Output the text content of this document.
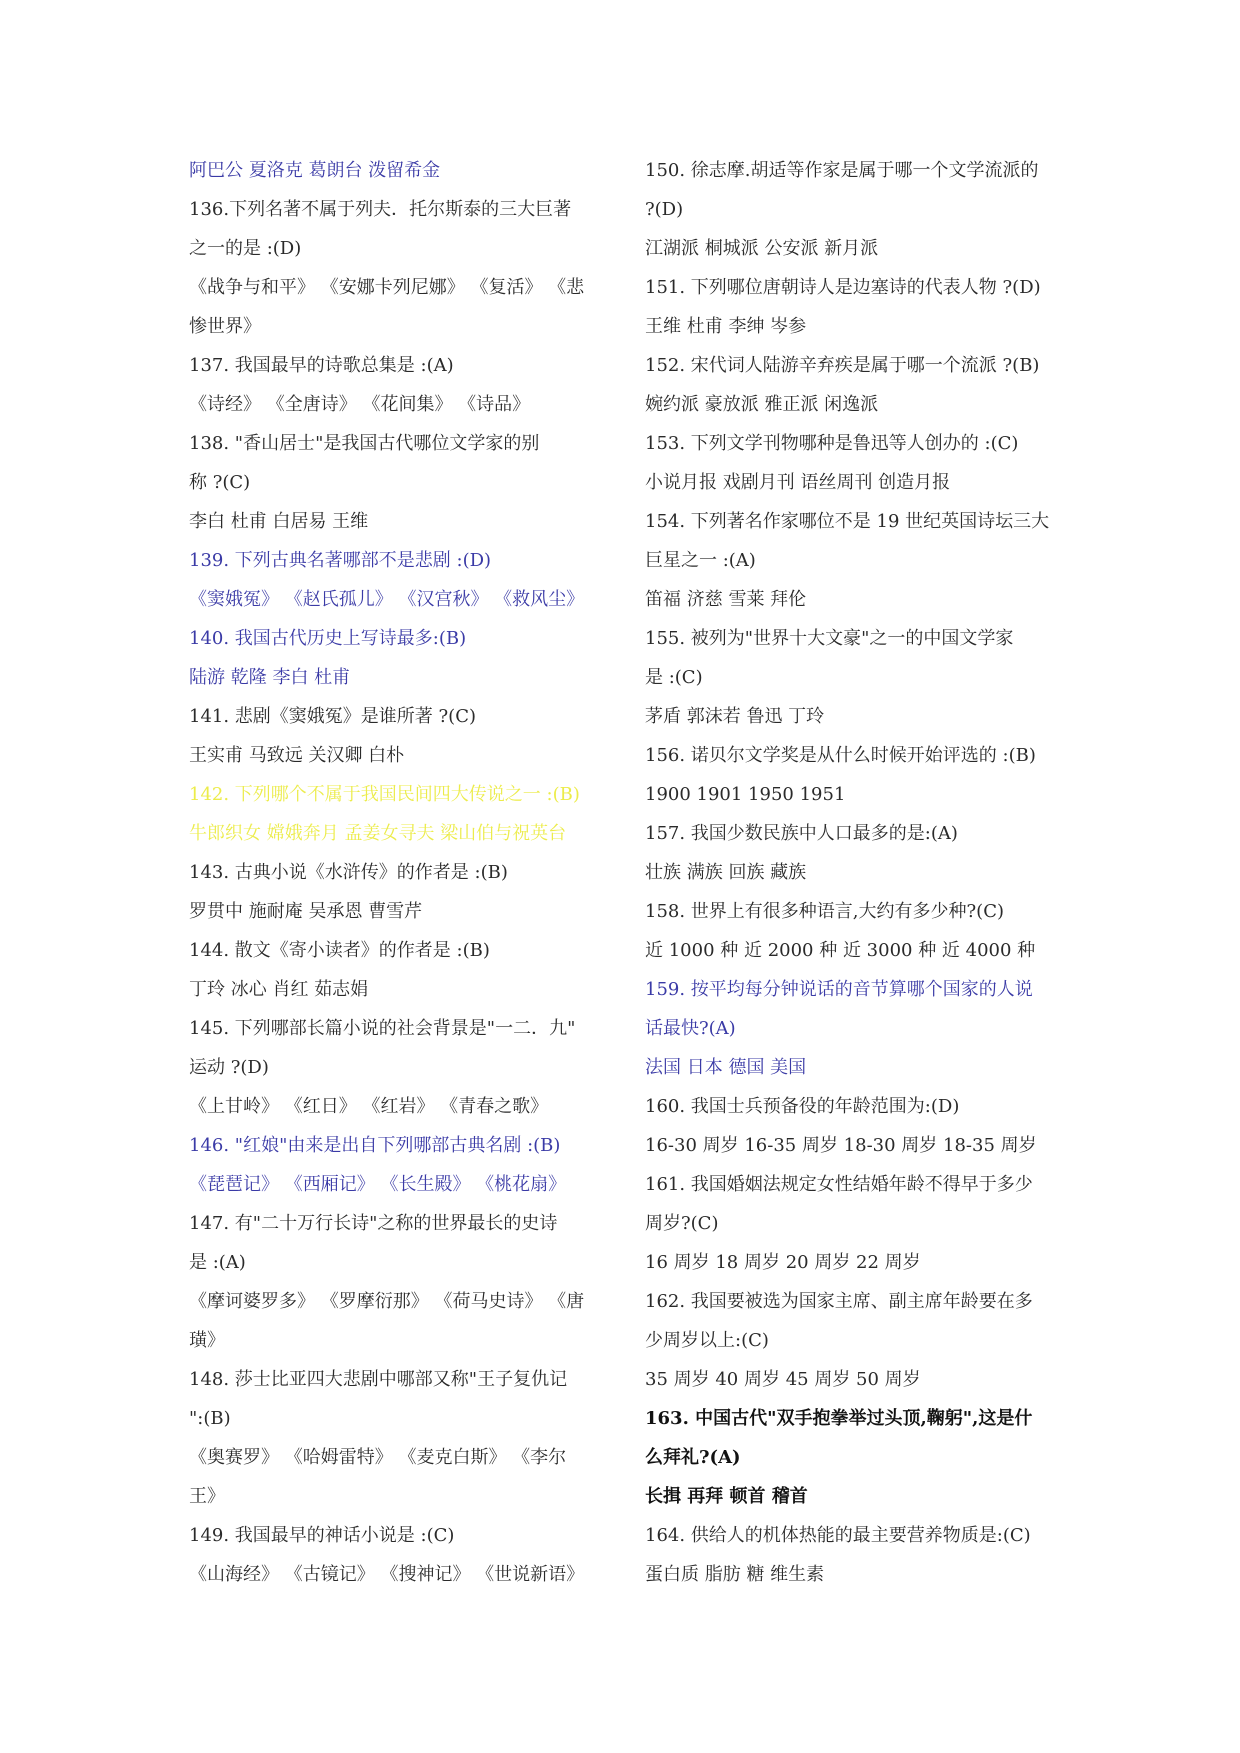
阿巴公 夏洛克 葛朗台 泼留希金
136.下列名著不属于列夫．托尔斯泰的三大巨著
之一的是 :(D)
《战争与和平》 《安娜卡列尼娜》 《复活》 《悲
惨世界》
137. 我国最早的诗歌总集是 :(A)
《诗经》 《全唐诗》 《花间集》 《诗品》
138. "香山居士"是我国古代哪位文学家的别
称 ?(C)
李白 杜甫 白居易 王维
139. 下列古典名著哪部不是悲剧 :(D)
《窦娥冤》 《赵氏孤儿》 《汉宫秋》 《救风尘》
140. 我国古代历史上写诗最多:(B)
陆游 乾隆 李白 杜甫
141. 悲剧《窦娥冤》是谁所著 ?(C)
王实甫 马致远 关汉卿 白朴
142. 下列哪个不属于我国民间四大传说之一 :(B)
牛郎织女 嫦娥奔月 孟姜女寻夫 梁山伯与祝英台
143. 古典小说《水浒传》的作者是 :(B)
罗贯中 施耐庵 吴承恩 曹雪芹
144. 散文《寄小读者》的作者是 :(B)
丁玲 冰心 肖红 茹志娟
145. 下列哪部长篇小说的社会背景是"一二．九"
运动 ?(D)
《上甘岭》 《红日》 《红岩》 《青春之歌》
146. "红娘"由来是出自下列哪部古典名剧 :(B)
《琵琶记》 《西厢记》 《长生殿》 《桃花扇》
147. 有"二十万行长诗"之称的世界最长的史诗
是 :(A)
《摩诃婆罗多》 《罗摩衍那》 《荷马史诗》 《唐
璜》
148. 莎士比亚四大悲剧中哪部又称"王子复仇记
":(B)
《奥赛罗》 《哈姆雷特》 《麦克白斯》 《李尔
王》
149. 我国最早的神话小说是 :(C)
《山海经》 《古镜记》 《搜神记》 《世说新语》
150. 徐志摩.胡适等作家是属于哪一个文学流派的
?(D)
江湖派 桐城派 公安派 新月派
151. 下列哪位唐朝诗人是边塞诗的代表人物 ?(D)
王维 杜甫 李绅 岑参
152. 宋代词人陆游辛弃疾是属于哪一个流派 ?(B)
婉约派 豪放派 雅正派 闲逸派
153. 下列文学刊物哪种是鲁迅等人创办的 :(C)
小说月报 戏剧月刊 语丝周刊 创造月报
154. 下列著名作家哪位不是 19 世纪英国诗坛三大
巨星之一 :(A)
笛福 济慈 雪莱 拜伦
155. 被列为"世界十大文豪"之一的中国文学家
是 :(C)
茅盾 郭沫若 鲁迅 丁玲
156. 诺贝尔文学奖是从什么时候开始评选的 :(B)
1900 1901 1950 1951
157. 我国少数民族中人口最多的是:(A)
壮族 满族 回族 藏族
158. 世界上有很多种语言,大约有多少种?(C)
近 1000 种 近 2000 种 近 3000 种 近 4000 种
159. 按平均每分钟说话的音节算哪个国家的人说
话最快?(A)
法国 日本 德国 美国
160. 我国士兵预备役的年龄范围为:(D)
16-30 周岁 16-35 周岁 18-30 周岁 18-35 周岁
161. 我国婚姻法规定女性结婚年龄不得早于多少
周岁?(C)
16 周岁 18 周岁 20 周岁 22 周岁
162. 我国要被选为国家主席、副主席年龄要在多
少周岁以上:(C)
35 周岁 40 周岁 45 周岁 50 周岁
163. 中国古代"双手抱拳举过头顶,鞠躬",这是什
么拜礼?(A)
长揖 再拜 顿首 稽首
164. 供给人的机体热能的最主要营养物质是:(C)
蛋白质 脂肪 糖 维生素
